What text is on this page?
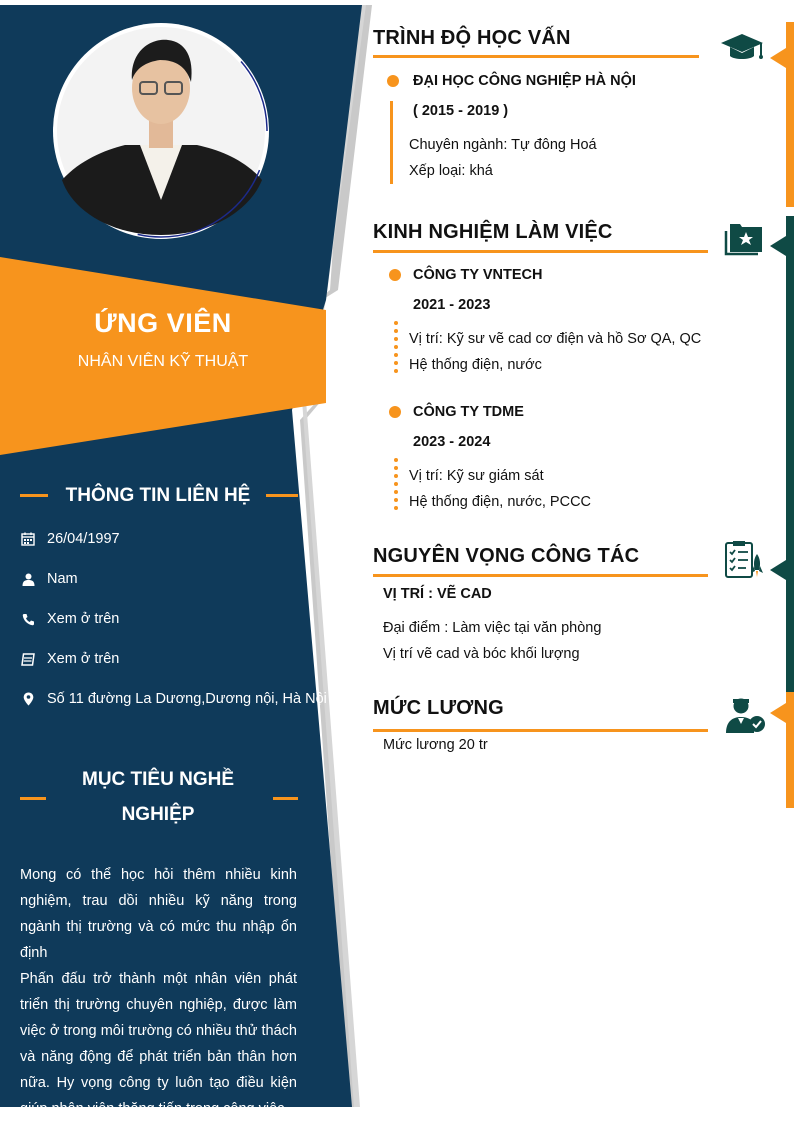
ỨNG VIÊN
NHÂN VIÊN KỸ THUẬT
THÔNG TIN LIÊN HỆ
26/04/1997
Nam
Xem ở trên
Xem ở trên
Số 11 đường La Dương,Dương nội, Hà Nội
MỤC TIÊU NGHỀ
NGHIỆP

Mong có thể học hỏi thêm nhiều kinh nghiệm, trau dồi nhiều kỹ năng trong ngành thị trường và có mức thu nhập ổn định

Phấn đấu trở thành một nhân viên phát triển thị trường chuyên nghiệp, được làm việc ở trong môi trường có nhiều thử thách và năng động để phát triển bản thân hơn nữa. Hy vọng công ty luôn tạo điều kiện giúp nhân viên thăng tiến trong công việc.

TRÌNH ĐỘ HỌC VẤN
ĐẠI HỌC CÔNG NGHIỆP HÀ NỘI
( 2015 - 2019 )
Chuyên ngành: Tự đông Hoá
Xếp loại: khá
KINH NGHIỆM LÀM VIỆC
CÔNG TY VNTECH
2021 - 2023
Vị trí: Kỹ sư vẽ cad cơ điện và hồ Sơ QA, QC
Hệ thống điện, nước
CÔNG TY TDME
2023 - 2024
Vị trí: Kỹ sư giám sát
Hệ thống điện, nước, PCCC
NGUYÊN VỌNG CÔNG TÁC
VỊ TRÍ : VẼ CAD
Đại điểm : Làm việc tại văn phòng
Vị trí vẽ cad và bóc khối lượng
MỨC LƯƠNG
Mức lương 20 tr
